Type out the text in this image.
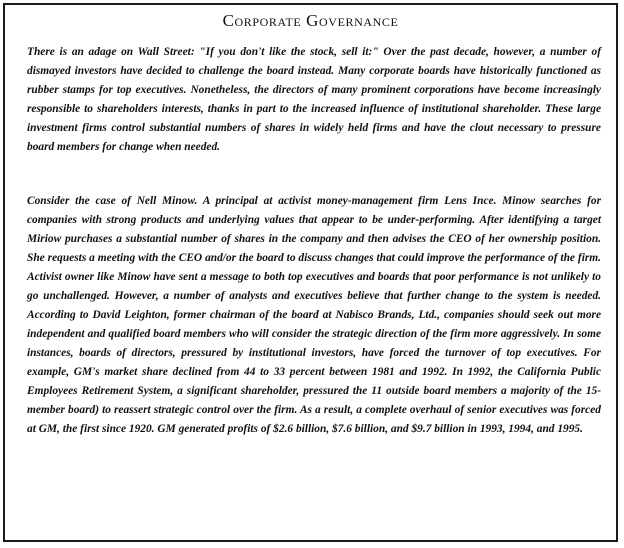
Corporate Governance

There is an adage on Wall Street: "If you don't like the stock, sell it:" Over the past decade, however, a number of dismayed investors have decided to challenge the board instead. Many corporate boards have historically functioned as rubber stamps for top executives. Nonetheless, the directors of many prominent corporations have become increasingly responsible to shareholders interests, thanks in part to the increased influence of institutional shareholder. These large investment firms control substantial numbers of shares in widely held firms and have the clout necessary to pressure board members for change when needed.

Consider the case of Nell Minow. A principal at activist money-management firm Lens Ince. Minow searches for companies with strong products and underlying values that appear to be under-performing. After identifying a target Miriow purchases a substantial number of shares in the company and then advises the CEO of her ownership position. She requests a meeting with the CEO and/or the board to discuss changes that could improve the performance of the firm. Activist owner like Minow have sent a message to both top executives and boards that poor performance is not unlikely to go unchallenged. However, a number of analysts and executives believe that further change to the system is needed. According to David Leighton, former chairman of the board at Nabisco Brands, Ltd., companies should seek out more independent and qualified board members who will consider the strategic direction of the firm more aggressively. In some instances, boards of directors, pressured by institutional investors, have forced the turnover of top executives. For example, GM's market share declined from 44 to 33 percent between 1981 and 1992. In 1992, the California Public Employees Retirement System, a significant shareholder, pressured the 11 outside board members a majority of the 15-member board) to reassert strategic control over the firm. As a result, a complete overhaul of senior executives was forced at GM, the first since 1920. GM generated profits of $2.6 billion, $7.6 billion, and $9.7 billion in 1993, 1994, and 1995.
